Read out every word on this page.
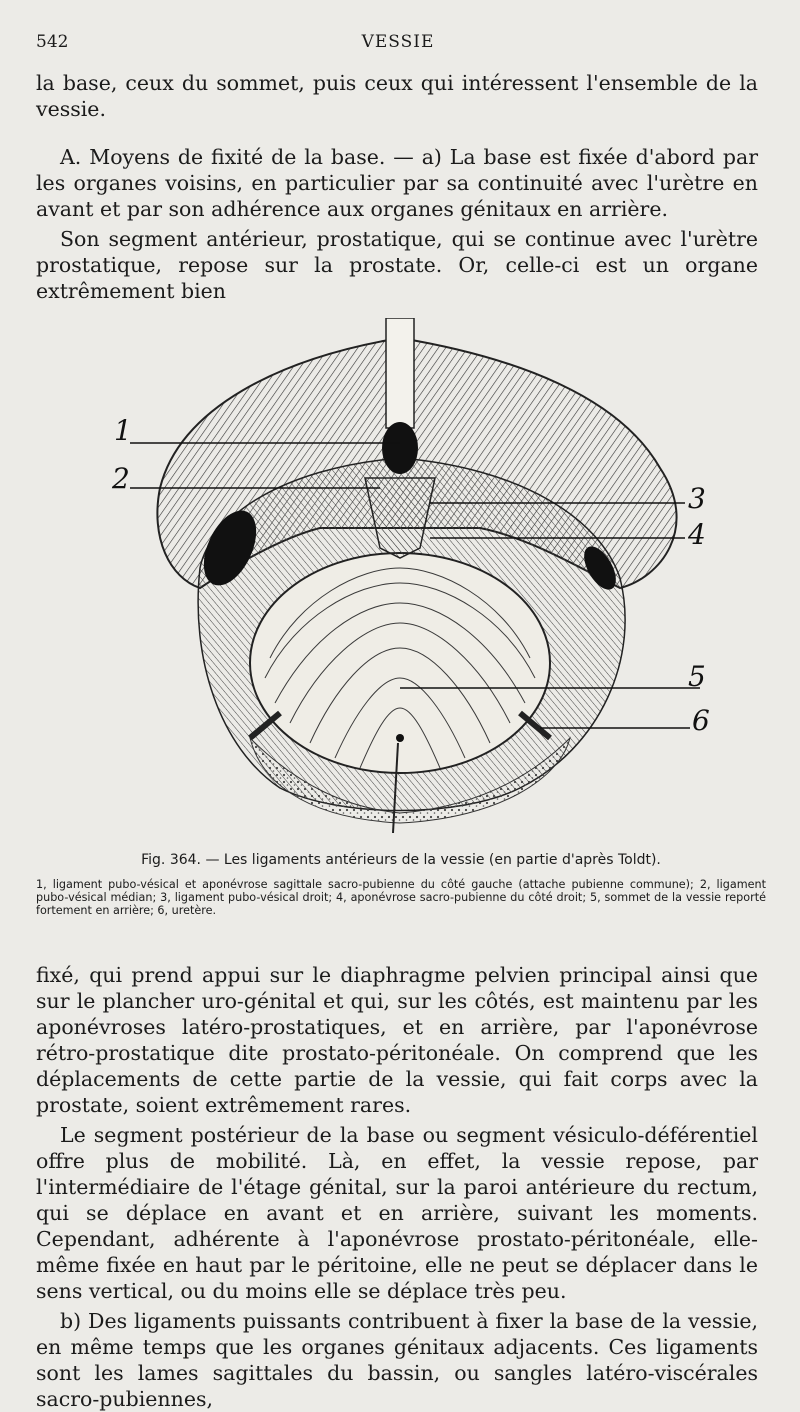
542	VESSIE

la base, ceux du sommet, puis ceux qui intéressent l'ensemble de la vessie.

A. Moyens de fixité de la base. — a) La base est fixée d'abord par les organes voisins, en particulier par sa continuité avec l'urètre en avant et par son adhérence aux organes génitaux en arrière.

Son segment antérieur, prostatique, qui se continue avec l'urètre prostatique, repose sur la prostate. Or, celle-ci est un organe extrêmement bien

1
2
3
4
5
6
Fig. 364. — Les ligaments antérieurs de la vessie (en partie d'après Toldt).
1, ligament pubo-vésical et aponévrose sagittale sacro-pubienne du côté gauche (attache pubienne commune); 2, ligament pubo-vésical médian; 3, ligament pubo-vésical droit; 4, aponévrose sacro-pubienne du côté droit; 5, sommet de la vessie reporté fortement en arrière; 6, uretère.

fixé, qui prend appui sur le diaphragme pelvien principal ainsi que sur le plancher uro-génital et qui, sur les côtés, est maintenu par les aponévroses latéro-prostatiques, et en arrière, par l'aponévrose rétro-prostatique dite prostato-péritonéale. On comprend que les déplacements de cette partie de la vessie, qui fait corps avec la prostate, soient extrêmement rares.

Le segment postérieur de la base ou segment vésiculo-déférentiel offre plus de mobilité. Là, en effet, la vessie repose, par l'intermédiaire de l'étage génital, sur la paroi antérieure du rectum, qui se déplace en avant et en arrière, suivant les moments. Cependant, adhérente à l'aponévrose prostato-péritonéale, elle-même fixée en haut par le péritoine, elle ne peut se déplacer dans le sens vertical, ou du moins elle se déplace très peu.

b) Des ligaments puissants contribuent à fixer la base de la vessie, en même temps que les organes génitaux adjacents. Ces ligaments sont les lames sagittales du bassin, ou sangles latéro-viscérales sacro-pubiennes,
